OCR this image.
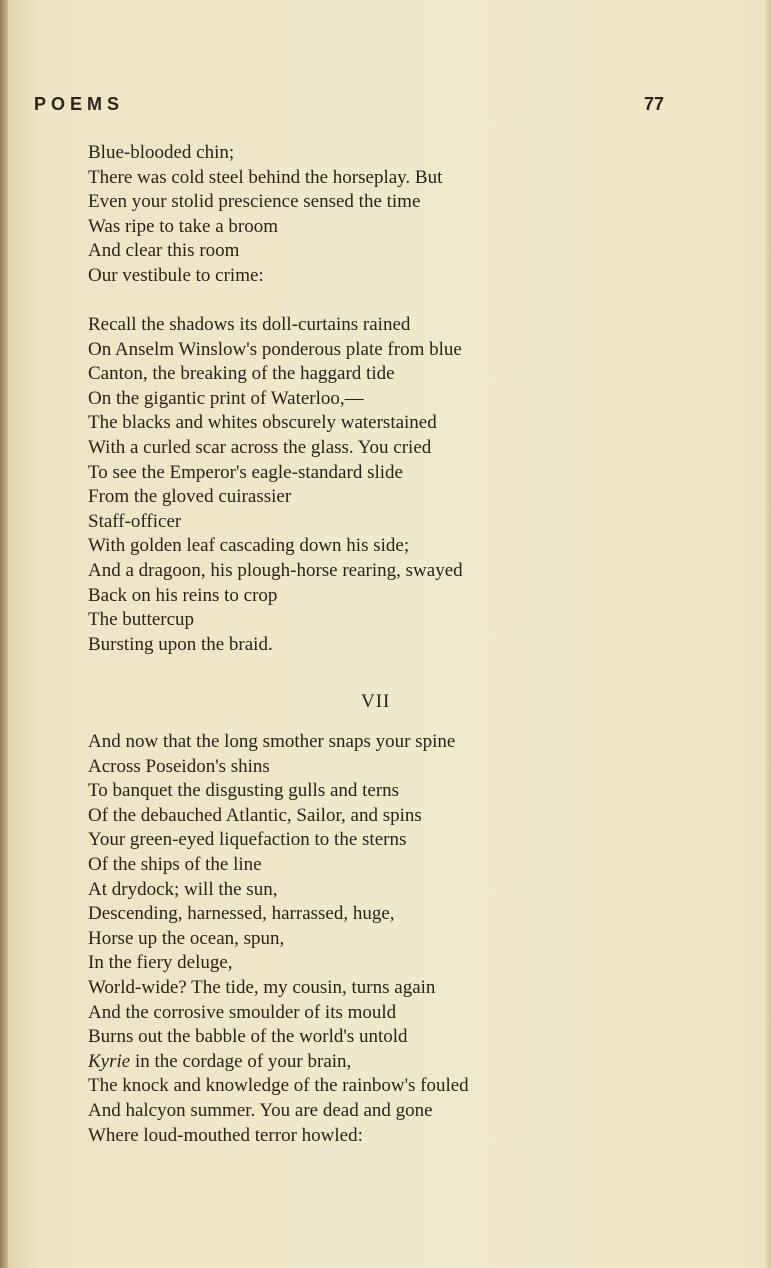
POEMS	77
Blue-blooded chin;
There was cold steel behind the horseplay. But
Even your stolid prescience sensed the time
Was ripe to take a broom
And clear this room
Our vestibule to crime:
Recall the shadows its doll-curtains rained
On Anselm Winslow's ponderous plate from blue
Canton, the breaking of the haggard tide
On the gigantic print of Waterloo,—
The blacks and whites obscurely waterstained
With a curled scar across the glass. You cried
To see the Emperor's eagle-standard slide
From the gloved cuirassier
Staff-officer
With golden leaf cascading down his side;
And a dragoon, his plough-horse rearing, swayed
Back on his reins to crop
The buttercup
Bursting upon the braid.
VII
And now that the long smother snaps your spine
Across Poseidon's shins
To banquet the disgusting gulls and terns
Of the debauched Atlantic, Sailor, and spins
Your green-eyed liquefaction to the sterns
Of the ships of the line
At drydock; will the sun,
Descending, harnessed, harrassed, huge,
Horse up the ocean, spun,
In the fiery deluge,
World-wide? The tide, my cousin, turns again
And the corrosive smoulder of its mould
Burns out the babble of the world's untold
Kyrie in the cordage of your brain,
The knock and knowledge of the rainbow's fouled
And halcyon summer. You are dead and gone
Where loud-mouthed terror howled:
